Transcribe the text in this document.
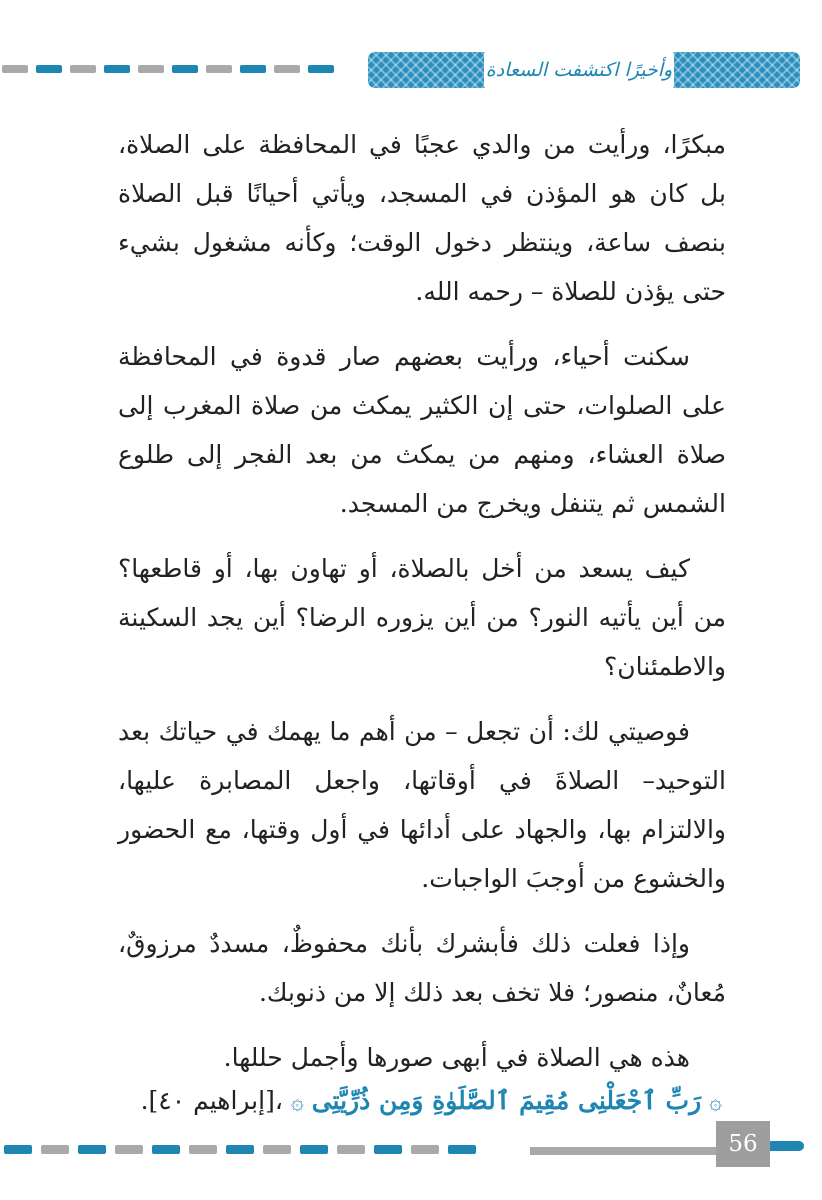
وأخيرًا اكتشفت السعادة

مبكرًا، ورأيت من والدي عجبًا في المحافظة على الصلاة، بل كان هو المؤذن في المسجد، ويأتي أحيانًا قبل الصلاة بنصف ساعة، وينتظر دخول الوقت؛ وكأنه مشغول بشيء حتى يؤذن للصلاة – رحمه الله.

سكنت أحياء، ورأيت بعضهم صار قدوة في المحافظة على الصلوات، حتى إن الكثير يمكث من صلاة المغرب إلى صلاة العشاء، ومنهم من يمكث من بعد الفجر إلى طلوع الشمس ثم يتنفل ويخرج من المسجد.

كيف يسعد من أخل بالصلاة، أو تهاون بها، أو قاطعها؟ من أين يأتيه النور؟ من أين يزوره الرضا؟ أين يجد السكينة والاطمئنان؟

فوصيتي لك: أن تجعل – من أهم ما يهمك في حياتك بعد التوحيد– الصلاةَ في أوقاتها، واجعل المصابرة عليها، والالتزام بها، والجهاد على أدائها في أول وقتها، مع الحضور والخشوع من أوجبَ الواجبات.

وإذا فعلت ذلك فأبشرك بأنك محفوظٌ، مسددٌ مرزوقٌ، مُعانٌ، منصور؛ فلا تخف بعد ذلك إلا من ذنوبك.

هذه هي الصلاة في أبهى صورها وأجمل حللها.

۞ رَبِّ ٱجْعَلْنِى مُقِيمَ ٱلصَّلَوٰةِ وَمِن ذُرِّيَّتِى ۞ ،[إبراهيم ٤٠].
56
